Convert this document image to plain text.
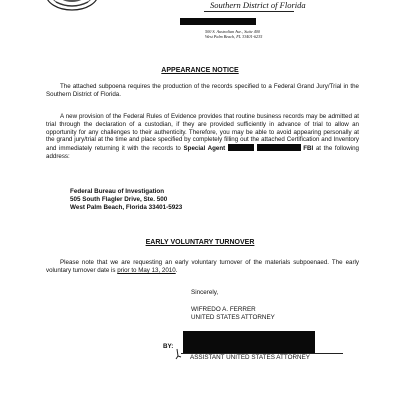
Southern District of Florida
500 S. Australian Ave., Suite 400
West Palm Beach, FL 33401-6235
APPEARANCE NOTICE

The attached subpoena requires the production of the records specified to a Federal Grand Jury/Trial in the Southern District of Florida.

A new provision of the Federal Rules of Evidence provides that routine business records may be admitted at trial through the declaration of a custodian, if they are provided sufficiently in advance of trial to allow an opportunity for any challenges to their authenticity. Therefore, you may be able to avoid appearing personally at the grand jury/trial at the time and place specified by completely filling out the attached Certification and Inventory and immediately returning it with the records to Special Agent	FBI at the following address:

Federal Bureau of Investigation
505 South Flagler Drive, Ste. 500
West Palm Beach, Florida 33401-5923
EARLY VOLUNTARY TURNOVER

Please note that we are requesting an early voluntary turnover of the materials subpoenaed. The early voluntary turnover date is prior to May 13, 2010.

Sincerely,
WIFREDO A. FERRER
UNITED STATES ATTORNEY
BY:
ASSISTANT UNITED STATES ATTORNEY
